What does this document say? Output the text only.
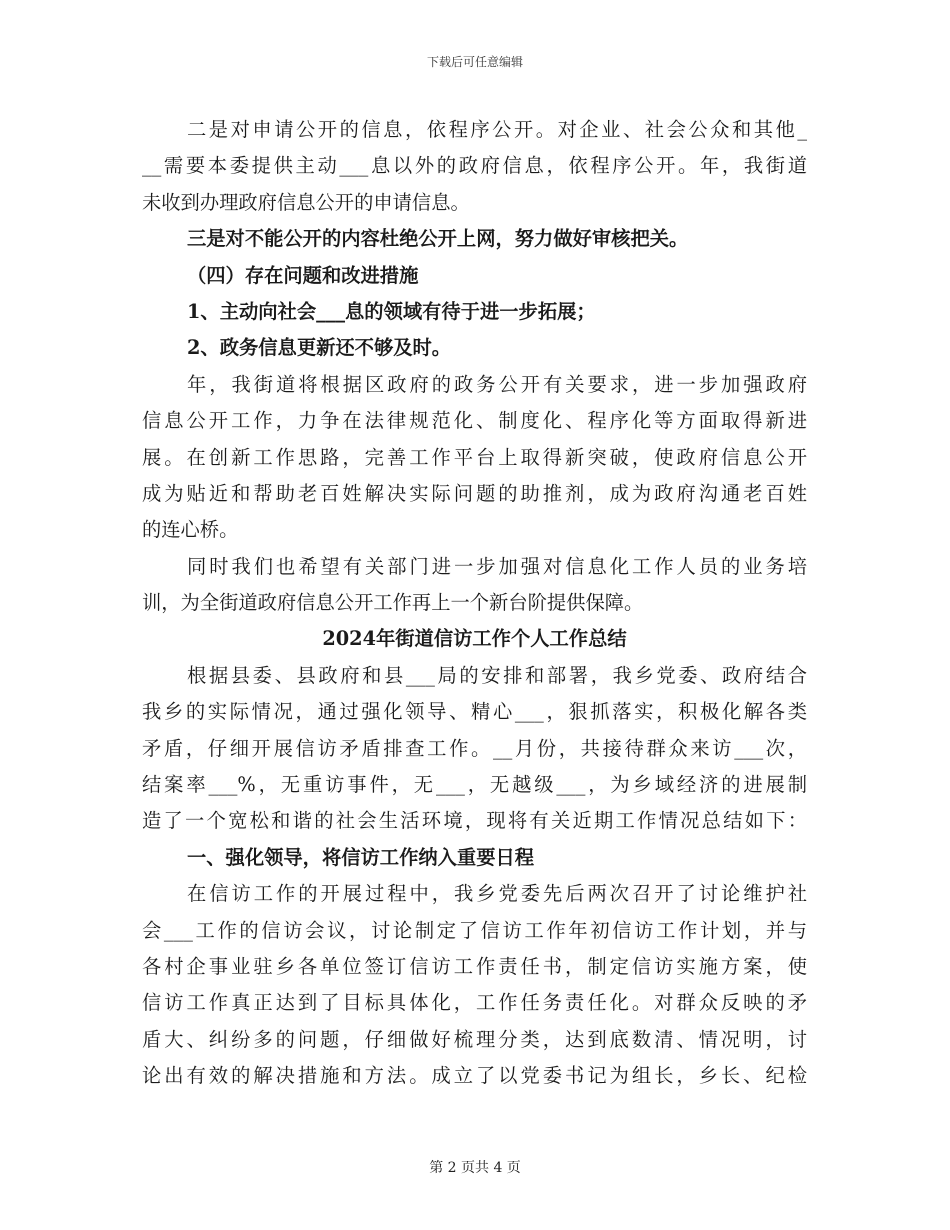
下载后可任意编辑
二是对申请公开的信息，依程序公开。对企业、社会公众和其他_
__需要本委提供主动___息以外的政府信息，依程序公开。年，我街道
未收到办理政府信息公开的申请信息。
三是对不能公开的内容杜绝公开上网，努力做好审核把关。
（四）存在问题和改进措施
1、主动向社会___息的领域有待于进一步拓展；
2、政务信息更新还不够及时。
年，我街道将根据区政府的政务公开有关要求，进一步加强政府
信息公开工作，力争在法律规范化、制度化、程序化等方面取得新进
展。在创新工作思路，完善工作平台上取得新突破，使政府信息公开
成为贴近和帮助老百姓解决实际问题的助推剂，成为政府沟通老百姓
的连心桥。
同时我们也希望有关部门进一步加强对信息化工作人员的业务培
训，为全街道政府信息公开工作再上一个新台阶提供保障。
2024年街道信访工作个人工作总结
根据县委、县政府和县___局的安排和部署，我乡党委、政府结合
我乡的实际情况，通过强化领导、精心___，狠抓落实，积极化解各类
矛盾，仔细开展信访矛盾排查工作。__月份，共接待群众来访___次，
结案率___%，无重访事件，无___，无越级___，为乡域经济的进展制
造了一个宽松和谐的社会生活环境，现将有关近期工作情况总结如下：
一、强化领导，将信访工作纳入重要日程
在信访工作的开展过程中，我乡党委先后两次召开了讨论维护社
会___工作的信访会议，讨论制定了信访工作年初信访工作计划，并与
各村企事业驻乡各单位签订信访工作责任书，制定信访实施方案，使
信访工作真正达到了目标具体化，工作任务责任化。对群众反映的矛
盾大、纠纷多的问题，仔细做好梳理分类，达到底数清、情况明，讨
论出有效的解决措施和方法。成立了以党委书记为组长，乡长、纪检
第 2 页共 4 页
